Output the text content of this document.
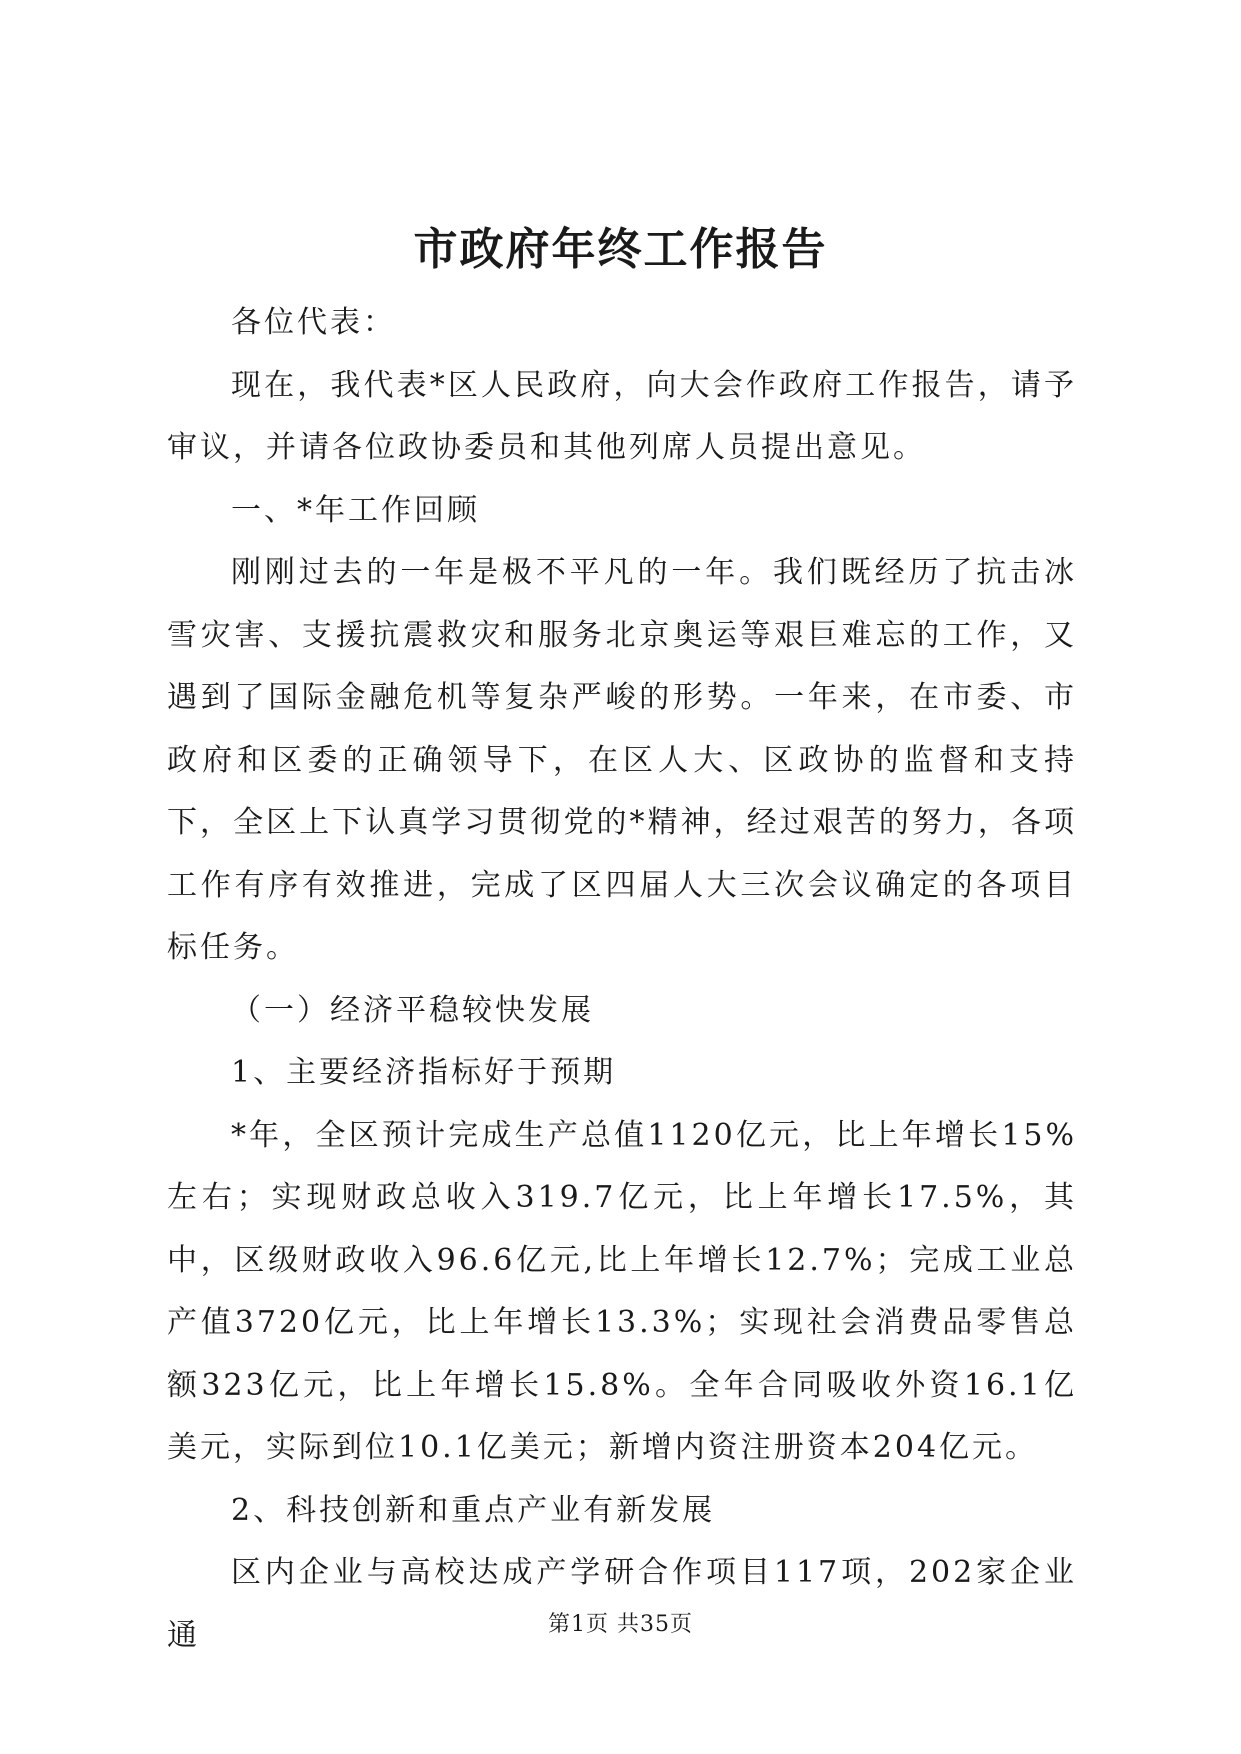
市政府年终工作报告

各位代表：

现在，我代表*区人民政府，向大会作政府工作报告，请予审议，并请各位政协委员和其他列席人员提出意见。

一、*年工作回顾

刚刚过去的一年是极不平凡的一年。我们既经历了抗击冰雪灾害、支援抗震救灾和服务北京奥运等艰巨难忘的工作，又遇到了国际金融危机等复杂严峻的形势。一年来，在市委、市政府和区委的正确领导下，在区人大、区政协的监督和支持下，全区上下认真学习贯彻党的*精神，经过艰苦的努力，各项工作有序有效推进，完成了区四届人大三次会议确定的各项目标任务。

（一）经济平稳较快发展

1、主要经济指标好于预期

*年，全区预计完成生产总值1120亿元，比上年增长15%左右；实现财政总收入319.7亿元，比上年增长17.5%，其中，区级财政收入96.6亿元,比上年增长12.7%；完成工业总产值3720亿元，比上年增长13.3%；实现社会消费品零售总额323亿元，比上年增长15.8%。全年合同吸收外资16.1亿美元，实际到位10.1亿美元；新增内资注册资本204亿元。

2、科技创新和重点产业有新发展

区内企业与高校达成产学研合作项目117项，202家企业通	第1页 共35页
